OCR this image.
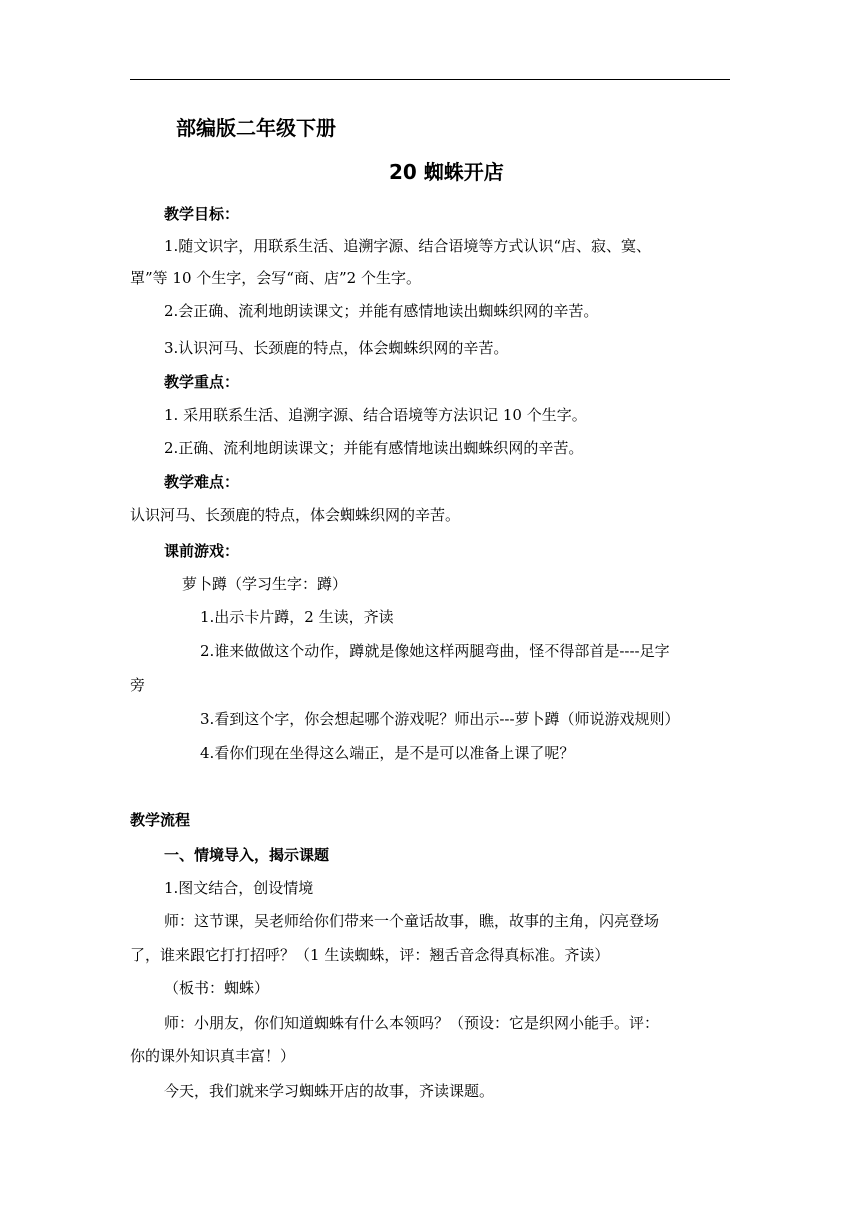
部编版二年级下册
20 蜘蛛开店
教学目标：
1.随文识字，用联系生活、追溯字源、结合语境等方式认识“店、寂、寞、
罩”等 10 个生字，会写“商、店”2 个生字。
2.会正确、流利地朗读课文；并能有感情地读出蜘蛛织网的辛苦。
3.认识河马、长颈鹿的特点，体会蜘蛛织网的辛苦。
教学重点：
1. 采用联系生活、追溯字源、结合语境等方法识记 10 个生字。
2.正确、流利地朗读课文；并能有感情地读出蜘蛛织网的辛苦。
教学难点：
认识河马、长颈鹿的特点，体会蜘蛛织网的辛苦。
课前游戏：
萝卜蹲（学习生字：蹲）
1.出示卡片蹲，2 生读，齐读
2.谁来做做这个动作，蹲就是像她这样两腿弯曲，怪不得部首是----足字
旁
3.看到这个字，你会想起哪个游戏呢？师出示---萝卜蹲（师说游戏规则）
4.看你们现在坐得这么端正，是不是可以准备上课了呢？
教学流程
一、情境导入，揭示课题
1.图文结合，创设情境
师：这节课，吴老师给你们带来一个童话故事，瞧，故事的主角，闪亮登场
了，谁来跟它打打招呼？（1 生读蜘蛛，评：翘舌音念得真标准。齐读）
（板书：蜘蛛）
师：小朋友，你们知道蜘蛛有什么本领吗？（预设：它是织网小能手。评：
你的课外知识真丰富！）
今天，我们就来学习蜘蛛开店的故事，齐读课题。
